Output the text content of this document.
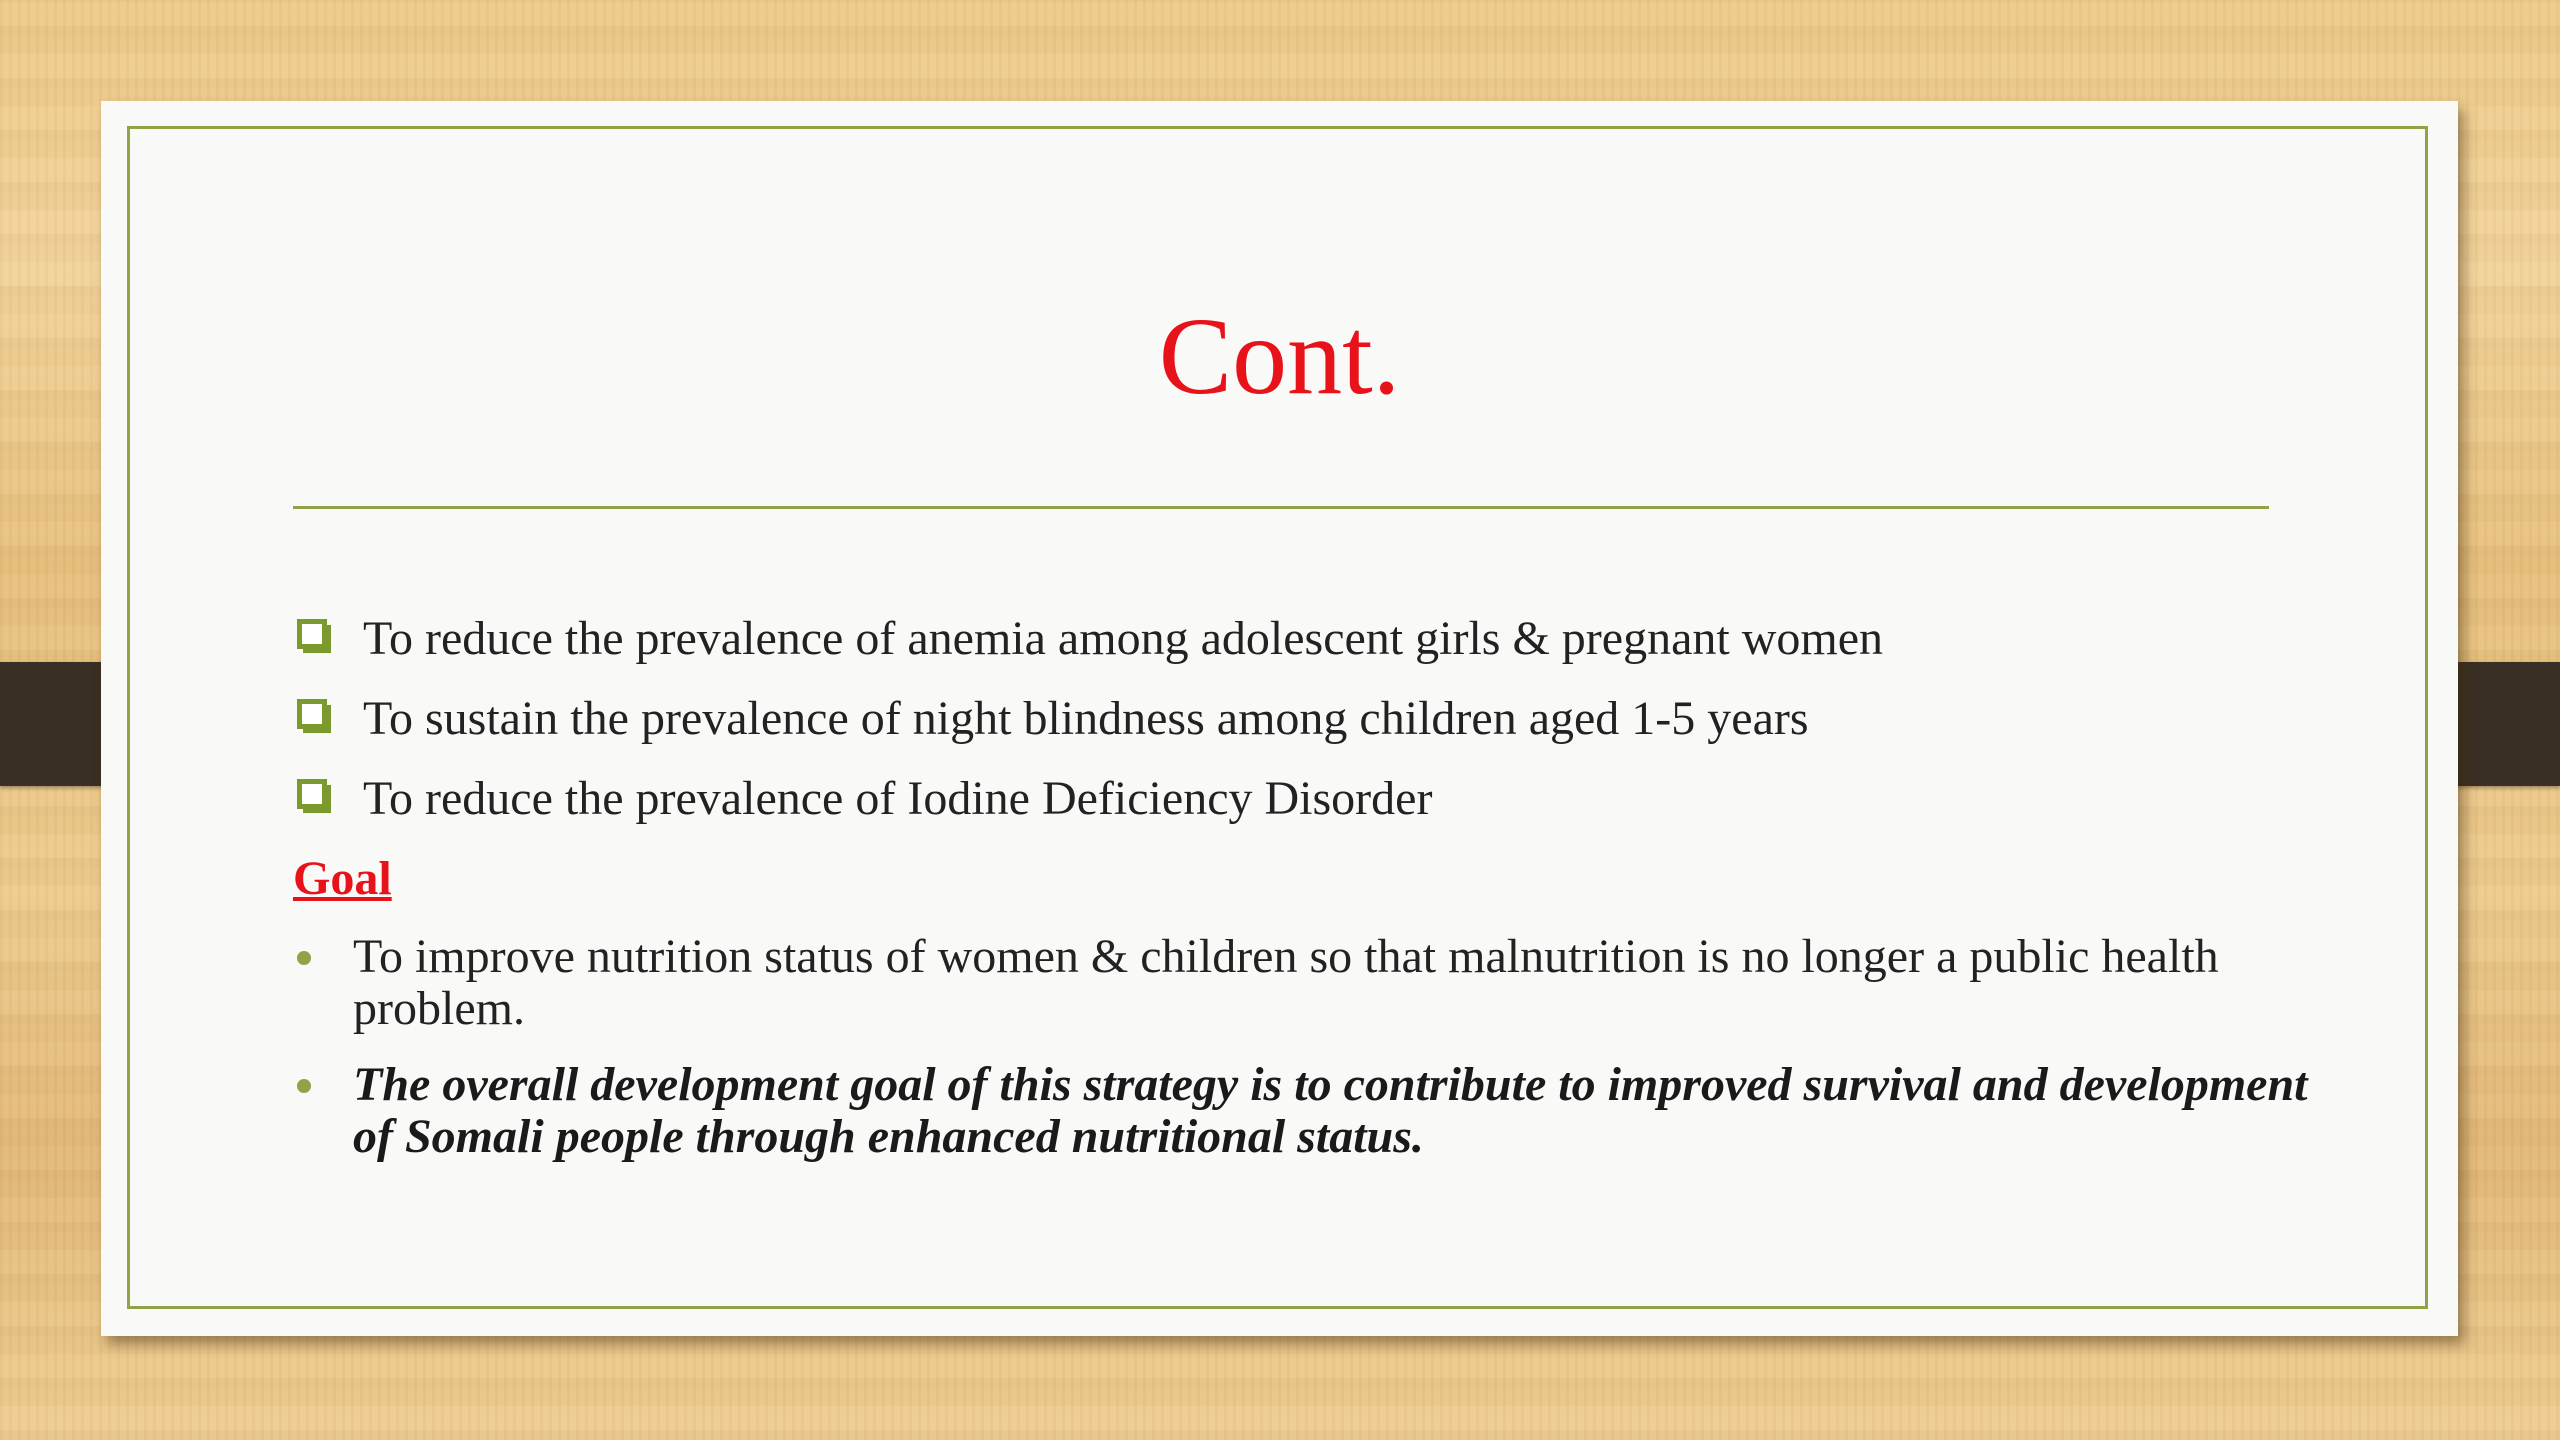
Cont.
To reduce the prevalence of anemia among adolescent girls & pregnant women
To sustain the prevalence of night blindness among children aged 1-5 years
To reduce the prevalence of Iodine Deficiency Disorder
Goal
To improve nutrition status of women & children so that malnutrition is no longer a public health problem.
The overall development goal of this strategy is to contribute to improved survival and development of Somali people through enhanced nutritional status.
